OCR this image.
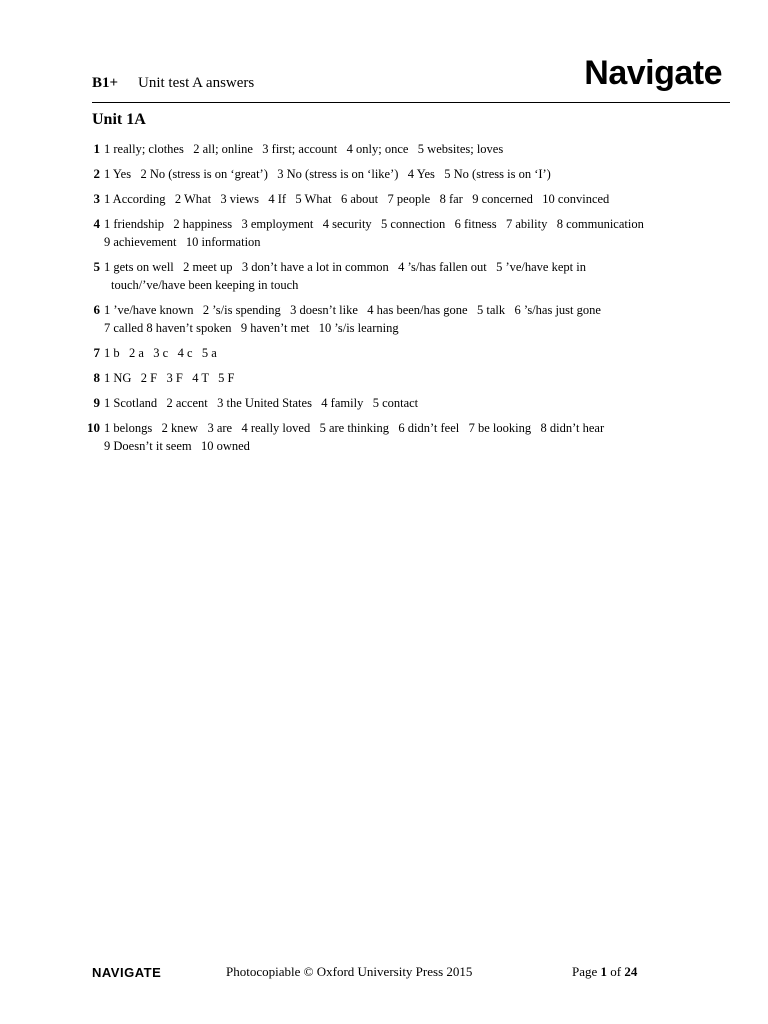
B1+ Unit test A answers	Navigate
Unit 1A
1 1 really; clothes   2 all; online   3 first; account   4 only; once   5 websites; loves
2 1 Yes   2 No (stress is on ‘great’)   3 No (stress is on ‘like’)   4 Yes   5 No (stress is on ‘I’)
3 1 According   2 What   3 views   4 If   5 What   6 about   7 people   8 far   9 concerned   10 convinced
4 1 friendship   2 happiness   3 employment   4 security   5 connection   6 fitness   7 ability   8 communication
9 achievement   10 information
5 1 gets on well   2 meet up   3 don’t have a lot in common   4 ’s/has fallen out   5 ’ve/have kept in
touch/’ve/have been keeping in touch
6 1 ’ve/have known   2 ’s/is spending   3 doesn’t like   4 has been/has gone   5 talk   6 ’s/has just gone
7 called 8 haven’t spoken   9 haven’t met   10 ’s/is learning
7 1 b   2 a   3 c   4 c   5 a
8 1 NG   2 F   3 F   4 T   5 F
9 1 Scotland   2 accent   3 the United States   4 family   5 contact
10 1 belongs   2 knew   3 are   4 really loved   5 are thinking   6 didn’t feel   7 be looking   8 didn’t hear
9 Doesn’t it seem   10 owned
NAVIGATE	Photocopiable © Oxford University Press 2015	Page 1 of 24
